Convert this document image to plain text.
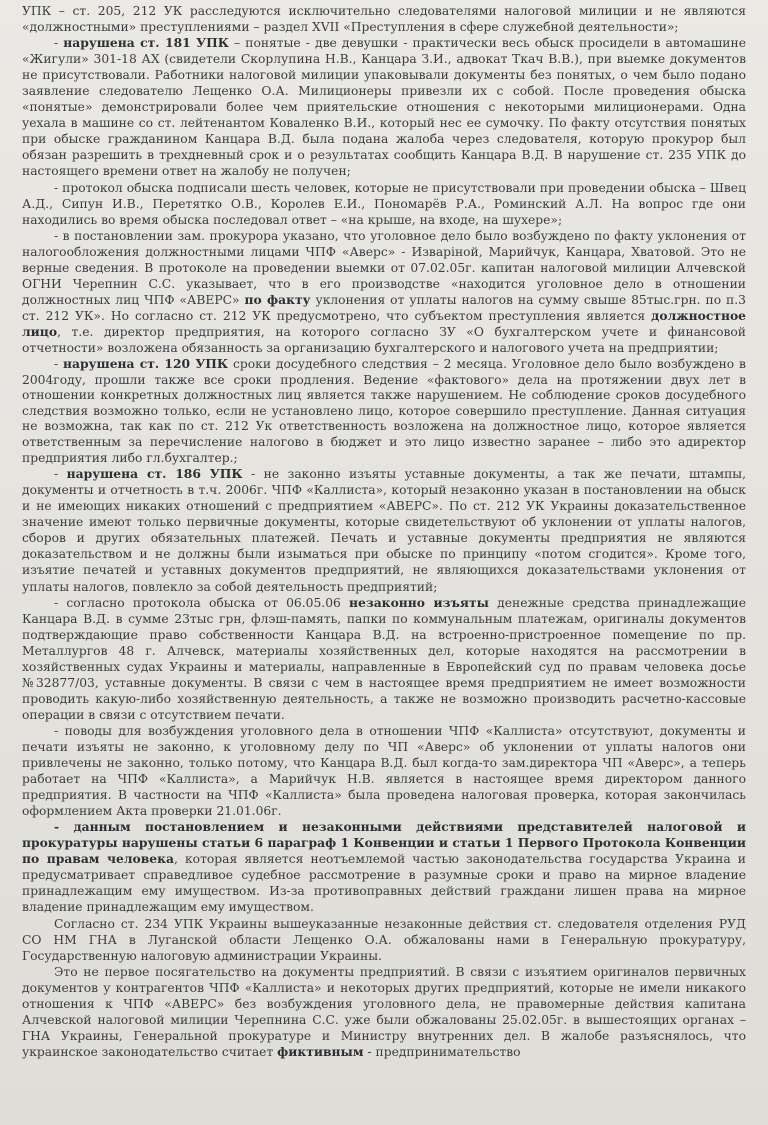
УПК – ст. 205, 212 УК расследуются исключительно следователями налоговой милиции и не являются «должностными» преступлениями – раздел XVII «Преступления в сфере служебной деятельности»;

- нарушена ст. 181 УПК – понятые - две девушки - практически весь обыск просидели в автомашине «Жигули» 301-18 АХ (свидетели Скорлупина Н.В., Канцара З.И., адвокат Ткач В.В.), при выемке документов не присутствовали. Работники налоговой милиции упаковывали документы без понятых, о чем было подано заявление следователю Лещенко О.А. Милиционеры привезли их с собой. После проведения обыска «понятые» демонстрировали более чем приятельские отношения с некоторыми милиционерами. Одна уехала в машине со ст. лейтенантом Коваленко В.И., который нес ее сумочку. По факту отсутствия понятых при обыске гражданином Канцара В.Д. была подана жалоба через следователя, которую прокурор был обязан разрешить в трехдневный срок и о результатах сообщить Канцара В.Д. В нарушение ст. 235 УПК до настоящего времени ответ на жалобу не получен;

- протокол обыска подписали шесть человек, которые не присутствовали при проведении обыска – Швец А.Д., Сипун И.В., Перетятко О.В., Королев Е.И., Пономарёв Р.А., Роминский А.Л. На вопрос где они находились во время обыска последовал ответ – «на крыше, на входе, на шухере»;

- в постановлении зам. прокурора указано, что уголовное дело было возбуждено по факту уклонения от налогообложения должностными лицами ЧПФ «Аверс» - Изварiной, Марийчук, Канцара, Хватовой. Это не верные сведения. В протоколе на проведении выемки от 07.02.05г. капитан налоговой милиции Алчевской ОГНИ Черепнин С.С. указывает, что в его производстве «находится уголовное дело в отношении должностных лиц ЧПФ «АВЕРС» по факту уклонения от уплаты налогов на сумму свыше 85тыс.грн. по п.3 ст. 212 УК». Но согласно ст. 212 УК предусмотрено, что субъектом преступления является должностное лицо, т.е. директор предприятия, на которого согласно ЗУ «О бухгалтерском учете и финансовой отчетности» возложена обязанность за организацию бухгалтерского и налогового учета на предприятии;

- нарушена ст. 120 УПК сроки досудебного следствия – 2 месяца. Уголовное дело было возбуждено в 2004году, прошли также все сроки продления. Ведение «фактового» дела на протяжении двух лет в отношении конкретных должностных лиц является также нарушением. Не соблюдение сроков досудебного следствия возможно только, если не установлено лицо, которое совершило преступление. Данная ситуация не возможна, так как по ст. 212 Ук ответственность возложена на должностное лицо, которое является ответственным за перечисление налогово в бюджет и это лицо известно заранее – либо это адиректор предприятия либо гл.бухгалтер.;

- нарушена ст. 186 УПК - не законно изъяты уставные документы, а так же печати, штампы, документы и отчетность в т.ч. 2006г. ЧПФ «Каллиста», который незаконно указан в постановлении на обыск и не имеющих никаких отношений с предприятием «АВЕРС». По ст. 212 УК Украины доказательственное значение имеют только первичные документы, которые свидетельствуют об уклонении от уплаты налогов, сборов и других обязательных платежей. Печать и уставные документы предприятия не являются доказательством и не должны были изыматься при обыске по принципу «потом сгодится». Кроме того, изъятие печатей и уставных документов предприятий, не являющихся доказательствами уклонения от уплаты налогов, повлекло за собой деятельность предприятий;

- согласно протокола обыска от 06.05.06 незаконно изъяты денежные средства принадлежащие Канцара В.Д. в сумме 23тыс грн, флэш-память, папки по коммунальным платежам, оригиналы документов подтверждающие право собственности Канцара В.Д. на встроенно-пристроенное помещение по пр. Металлургов 48 г. Алчевск, материалы хозяйственных дел, которые находятся на рассмотрении в хозяйственных судах Украины и материалы, направленные в Европейский суд по правам человека досье №32877/03, уставные документы. В связи с чем в настоящее время предприятием не имеет возможности проводить какую-либо хозяйственную деятельность, а также не возможно производить расчетно-кассовые операции в связи с отсутствием печати.

- поводы для возбуждения уголовного дела в отношении ЧПФ «Каллиста» отсутствуют, документы и печати изъяты не законно, к уголовному делу по ЧП «Аверс» об уклонении от уплаты налогов они привлечены не законно, только потому, что Канцара В.Д. был когда-то зам.директора ЧП «Аверс», а теперь работает на ЧПФ «Каллиста», а Марийчук Н.В. является в настоящее время директором данного предприятия. В частности на ЧПФ «Каллиста» была проведена налоговая проверка, которая закончилась оформлением Акта проверки 21.01.06г.

- данным постановлением и незаконными действиями представителей налоговой и прокуратуры нарушены статьи 6 параграф 1 Конвенции и статьи 1 Первого Протокола Конвенции по правам человека, которая является неотъемлемой частью законодательства государства Украина и предусматривает справедливое судебное рассмотрение в разумные сроки и право на мирное владение принадлежащим ему имуществом. Из-за противоправных действий граждани лишен права на мирное владение принадлежащим ему имуществом.

Согласно ст. 234 УПК Украины вышеуказанные незаконные действия ст. следователя отделения РУД СО НМ ГНА в Луганской области Лещенко О.А. обжалованы нами в Генеральную прокуратуру, Государственную налоговую администрации Украины.

Это не первое посягательство на документы предприятий. В связи с изъятием оригиналов первичных документов у контрагентов ЧПФ «Каллиста» и некоторых других предприятий, которые не имели никакого отношения к ЧПФ «АВЕРС» без возбуждения уголовного дела, не правомерные действия капитана Алчевской налоговой милиции Черепнина С.С. уже были обжалованы 25.02.05г. в вышестоящих органах – ГНА Украины, Генеральной прокуратуре и Министру внутренних дел. В жалобе разъяснялось, что украинское законодательство считает фиктивным - предпринимательство
